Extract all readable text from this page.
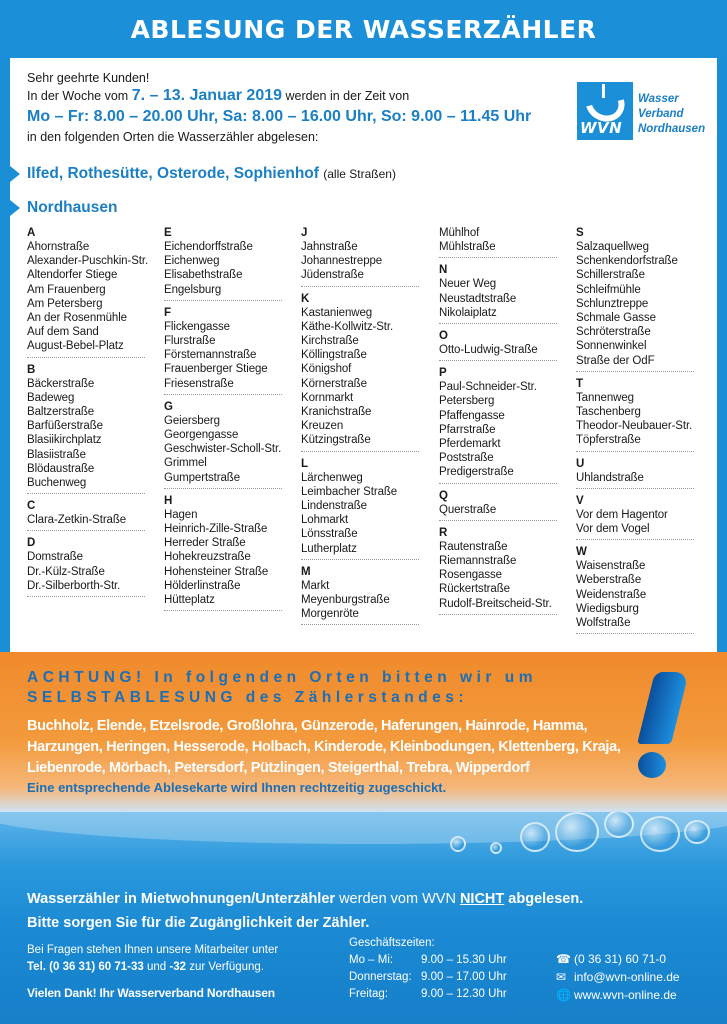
ABLESUNG DER WASSERZÄHLER
Sehr geehrte Kunden!
In der Woche vom 7. – 13. Januar 2019 werden in der Zeit von
Mo – Fr: 8.00 – 20.00 Uhr, Sa: 8.00 – 16.00 Uhr, So: 9.00 – 11.45 Uhr
in den folgenden Orten die Wasserzähler abgelesen:	WVN
Wasser
Verband
Nordhausen
Ilfed, Rothesütte, Osterode, Sophienhof (alle Straßen)
Nordhausen
A
Ahornstraße
Alexander-Puschkin-Str.
Altendorfer Stiege
Am Frauenberg
Am Petersberg
An der Rosenmühle
Auf dem Sand
August-Bebel-Platz
B
Bäckerstraße
Badeweg
Baltzerstraße
Barfüßerstraße
Blasiikirchplatz
Blasiistraße
Blödaustraße
Buchenweg
C
Clara-Zetkin-Straße
D
Domstraße
Dr.-Külz-Straße
Dr.-Silberborth-Str.
E
Eichendorffstraße
Eichenweg
Elisabethstraße
Engelsburg
F
Flickengasse
Flurstraße
Förstemannstraße
Frauenberger Stiege
Friesenstraße
G
Geiersberg
Georgengasse
Geschwister-Scholl-Str.
Grimmel
Gumpertstraße
H
Hagen
Heinrich-Zille-Straße
Herreder Straße
Hohekreuzstraße
Hohensteiner Straße
Hölderlinstraße
Hütteplatz
J
Jahnstraße
Johannestreppe
Jüdenstraße
K
Kastanienweg
Käthe-Kollwitz-Str.
Kirchstraße
Köllingstraße
Königshof
Körnerstraße
Kornmarkt
Kranichstraße
Kreuzen
Kützingstraße
L
Lärchenweg
Leimbacher Straße
Lindenstraße
Lohmarkt
Lönsstraße
Lutherplatz
M
Markt
Meyenburgstraße
Morgenröte
Mühlhof
Mühlstraße
N
Neuer Weg
Neustadtstraße
Nikolaiplatz
O
Otto-Ludwig-Straße
P
Paul-Schneider-Str.
Petersberg
Pfaffengasse
Pfarrstraße
Pferdemarkt
Poststraße
Predigerstraße
Q
Querstraße
R
Rautenstraße
Riemannstraße
Rosengasse
Rückertstraße
Rudolf-Breitscheid-Str.
S
Salzaquellweg
Schenkendorfstraße
Schillerstraße
Schleifmühle
Schlunztreppe
Schmale Gasse
Schröterstraße
Sonnenwinkel
Straße der OdF
T
Tannenweg
Taschenberg
Theodor-Neubauer-Str.
Töpferstraße
U
Uhlandstraße
V
Vor dem Hagentor
Vor dem Vogel
W
Waisenstraße
Weberstraße
Weidenstraße
Wiedigsburg
Wolfstraße
ACHTUNG! In folgenden Orten bitten wir um
SELBSTABLESUNG des Zählerstandes:
Buchholz, Elende, Etzelsrode, Großlohra, Günzerode, Haferungen, Hainrode, Hamma, Harzungen, Heringen, Hesserode, Holbach, Kinderode, Kleinbodungen, Klettenberg, Kraja, Liebenrode, Mörbach, Petersdorf, Pützlingen, Steigerthal, Trebra, Wipperdorf
Eine entsprechende Ablesekarte wird Ihnen rechtzeitig zugeschickt.
Wasserzähler in Mietwohnungen/Unterzähler werden vom WVN NICHT abgelesen.
Bitte sorgen Sie für die Zugänglichkeit der Zähler.
Bei Fragen stehen Ihnen unsere Mitarbeiter unter
Tel. (0 36 31) 60 71-33 und -32 zur Verfügung.
Vielen Dank! Ihr Wasserverband Nordhausen
Geschäftszeiten:
Mo – Mi:	9.00 – 15.30 Uhr
Donnerstag:	9.00 – 17.00 Uhr
Freitag:	9.00 – 12.30 Uhr
☎ (0 36 31) 60 71-0
✉ info@wvn-online.de
🌐 www.wvn-online.de
